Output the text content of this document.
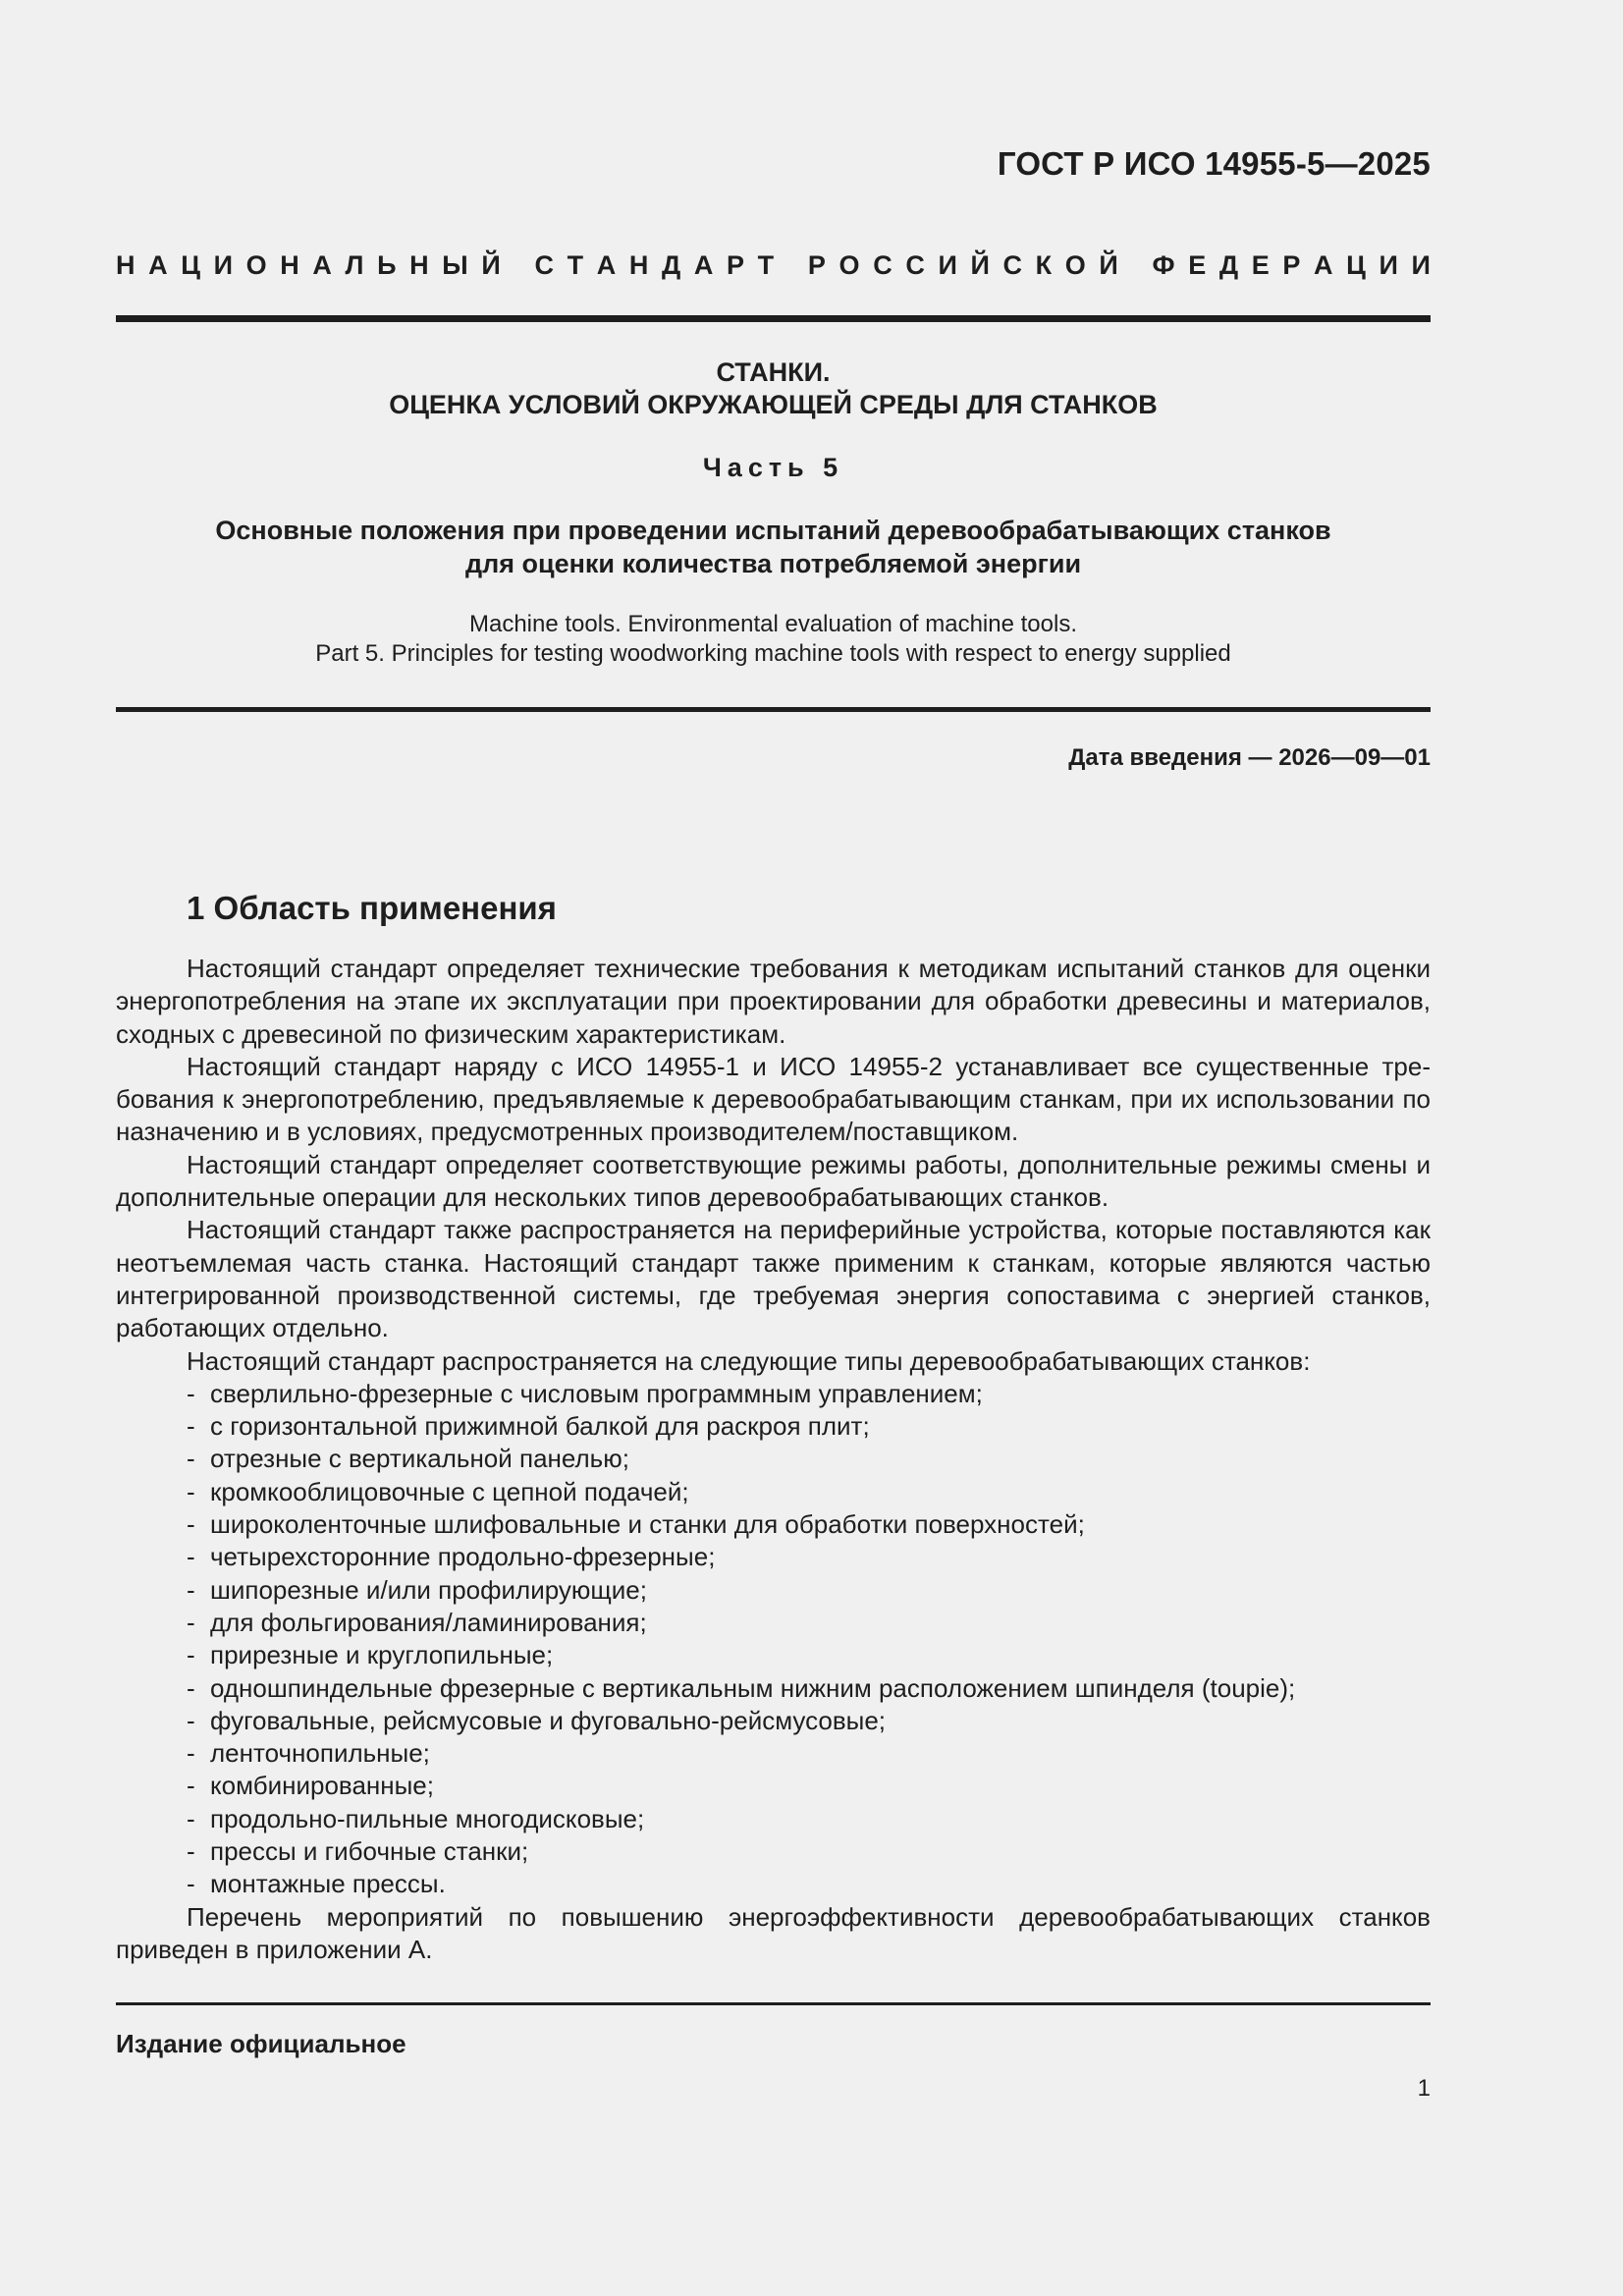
ГОСТ Р ИСО 14955-5—2025
Н А Ц И О Н А Л Ь Н Ы Й
С Т А Н Д А Р Т
Р О С С И Й С К О Й
Ф Е Д Е Р А Ц И И
СТАНКИ.
ОЦЕНКА УСЛОВИЙ ОКРУЖАЮЩЕЙ СРЕДЫ ДЛЯ СТАНКОВ
Часть 5
Основные положения при проведении испытаний деревообрабатывающих станков
для оценки количества потребляемой энергии
Machine tools. Environmental evaluation of machine tools.
Part 5. Principles for testing woodworking machine tools with respect to energy supplied
Дата введения — 2026—09—01
1 Область применения

Настоящий стандарт определяет технические требования к методикам испытаний станков для оценки энергопотребления на этапе их эксплуатации при проектировании для обработки древесины и материалов, сходных с древесиной по физическим характеристикам.

Настоящий стандарт наряду с ИСО 14955-1 и ИСО 14955-2 устанавливает все существенные требования к энергопотреблению, предъявляемые к деревообрабатывающим станкам, при их использовании по назначению и в условиях, предусмотренных производителем/поставщиком.

Настоящий стандарт определяет соответствующие режимы работы, дополнительные режимы смены и дополнительные операции для нескольких типов деревообрабатывающих станков.

Настоящий стандарт также распространяется на периферийные устройства, которые поставляются как неотъемлемая часть станка. Настоящий стандарт также применим к станкам, которые являются частью интегрированной производственной системы, где требуемая энергия сопоставима с энергией станков, работающих отдельно.

Настоящий стандарт распространяется на следующие типы деревообрабатывающих станков:

- сверлильно-фрезерные с числовым программным управлением;
- с горизонтальной прижимной балкой для раскроя плит;
- отрезные с вертикальной панелью;
- кромкооблицовочные с цепной подачей;
- широколенточные шлифовальные и станки для обработки поверхностей;
- четырехсторонние продольно-фрезерные;
- шипорезные и/или профилирующие;
- для фольгирования/ламинирования;
- прирезные и круглопильные;
- одношпиндельные фрезерные с вертикальным нижним расположением шпинделя (toupie);
- фуговальные, рейсмусовые и фуговально-рейсмусовые;
- ленточнопильные;
- комбинированные;
- продольно-пильные многодисковые;
- прессы и гибочные станки;
- монтажные прессы.

Перечень мероприятий по повышению энергоэффективности деревообрабатывающих станков приведен в приложении А.

Издание официальное
1
